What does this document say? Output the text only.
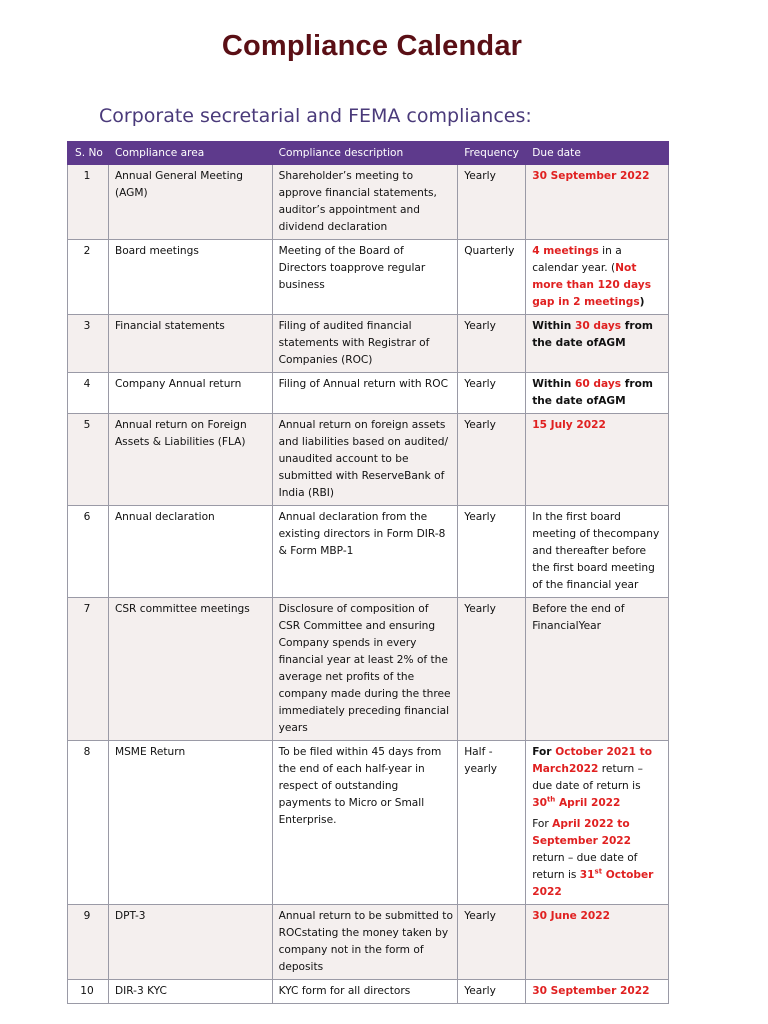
Compliance Calendar
Corporate secretarial and FEMA compliances:
S. No	Compliance area	Compliance description	Frequency	Due date
1	Annual General Meeting (AGM)	Shareholder’s meeting to approve financial statements, auditor’s appointment and dividend declaration	Yearly	30 September 2022
2	Board meetings	Meeting of the Board of Directors toapprove regular business	Quarterly	4 meetings in a calendar year. (Not more than 120 days gap in 2 meetings)
3	Financial statements	Filing of audited financial statements with Registrar of Companies (ROC)	Yearly	Within 30 days from the date ofAGM
4	Company Annual return	Filing of Annual return with ROC	Yearly	Within 60 days from the date ofAGM
5	Annual return on Foreign Assets & Liabilities (FLA)	Annual return on foreign assets and liabilities based on audited/ unaudited account to be submitted with ReserveBank of India (RBI)	Yearly	15 July 2022
6	Annual declaration	Annual declaration from the existing directors in Form DIR-8 & Form MBP-1	Yearly	In the first board meeting of thecompany and thereafter before the first board meeting of the financial year
7	CSR committee meetings	Disclosure of composition of CSR Committee and ensuring Company spends in every financial year at least 2% of the average net profits of the company made during the three immediately preceding financial years	Yearly	Before the end of FinancialYear
8	MSME Return	To be filed within 45 days from the end of each half-year in respect of outstanding payments to Micro or Small Enterprise.	Half - yearly	For October 2021 to March2022 return – due date of return is 30th April 2022
For April 2022 to September 2022 return – due date of return is 31st October 2022

9	DPT-3	Annual return to be submitted to ROCstating the money taken by company not in the form of deposits	Yearly	30 June 2022
10	DIR-3 KYC	KYC form for all directors	Yearly	30 September 2022
